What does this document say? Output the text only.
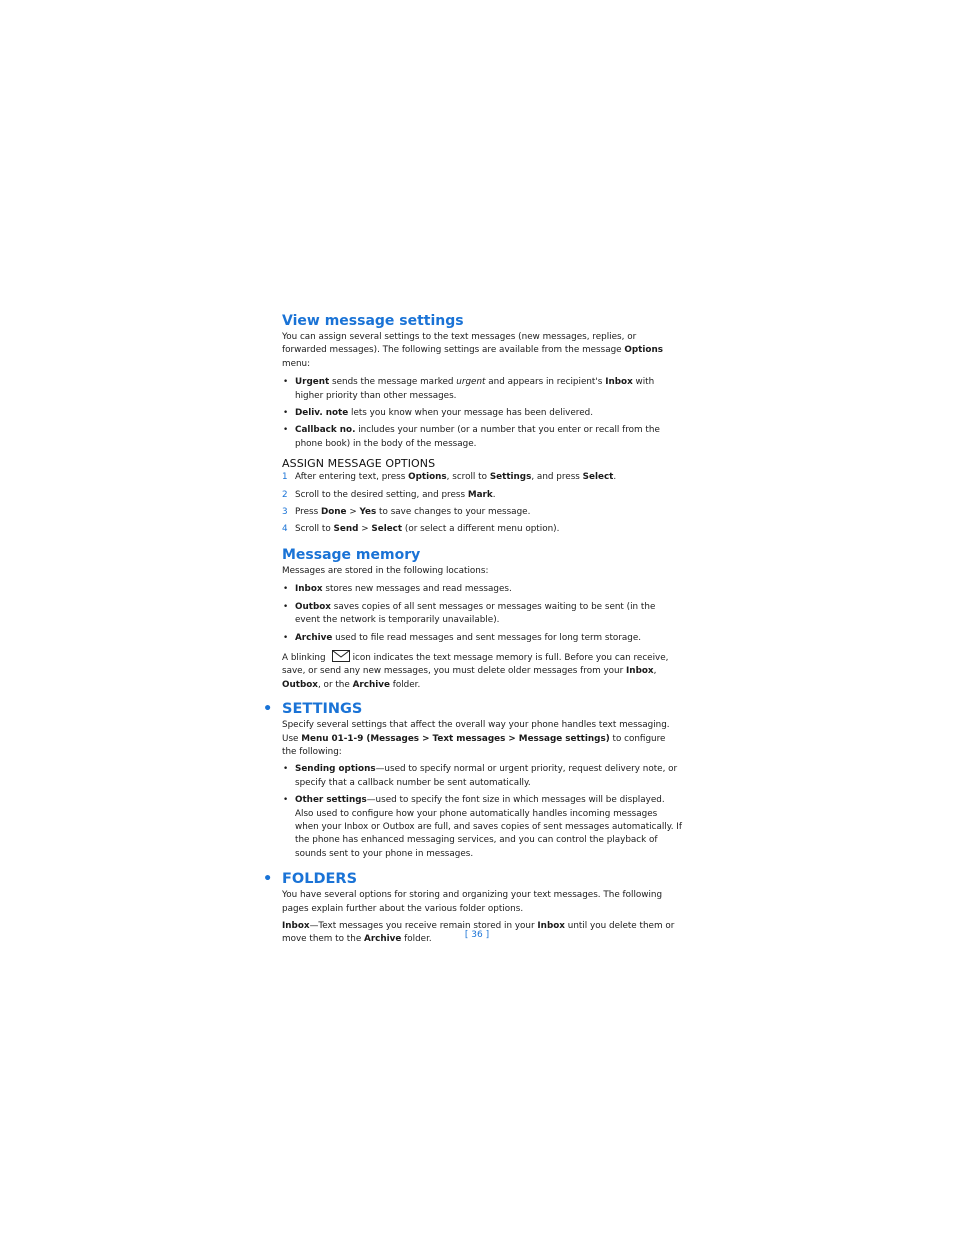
View message settings

You can assign several settings to the text messages (new messages, replies, or forwarded messages). The following settings are available from the message Options menu:

• Urgent sends the message marked urgent and appears in recipient's Inbox with higher priority than other messages.
• Deliv. note lets you know when your message has been delivered.
• Callback no. includes your number (or a number that you enter or recall from the phone book) in the body of the message.
ASSIGN MESSAGE OPTIONS
1 After entering text, press Options, scroll to Settings, and press Select.
2 Scroll to the desired setting, and press Mark.
3 Press Done > Yes to save changes to your message.
4 Scroll to Send > Select (or select a different menu option).
Message memory

Messages are stored in the following locations:

• Inbox stores new messages and read messages.
• Outbox saves copies of all sent messages or messages waiting to be sent (in the event the network is temporarily unavailable).
• Archive used to file read messages and sent messages for long term storage.

A blinking	icon indicates the text message memory is full. Before you can receive, save, or send any new messages, you must delete older messages from your Inbox, Outbox, or the Archive folder.

• SETTINGS

Specify several settings that affect the overall way your phone handles text messaging. Use Menu 01-1-9 (Messages > Text messages > Message settings) to configure the following:

• Sending options—used to specify normal or urgent priority, request delivery note, or specify that a callback number be sent automatically.
• Other settings—used to specify the font size in which messages will be displayed. Also used to configure how your phone automatically handles incoming messages when your Inbox or Outbox are full, and saves copies of sent messages automatically. If the phone has enhanced messaging services, and you can control the playback of sounds sent to your phone in messages.
• FOLDERS

You have several options for storing and organizing your text messages. The following pages explain further about the various folder options.

Inbox—Text messages you receive remain stored in your Inbox until you delete them or move them to the Archive folder.	[ 36 ]
